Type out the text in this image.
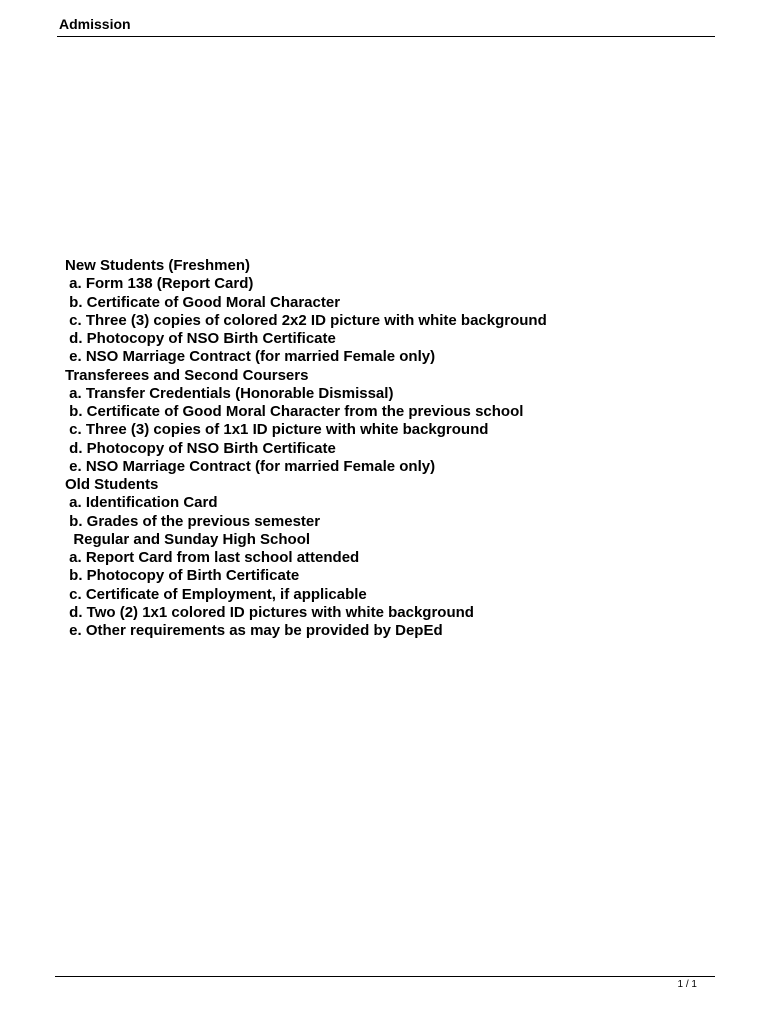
Admission
New Students (Freshmen)
a. Form 138 (Report Card)
b. Certificate of Good Moral Character
c. Three (3) copies of colored 2x2 ID picture with white background
d. Photocopy of NSO Birth Certificate
e. NSO Marriage Contract (for married Female only)
Transferees and Second Coursers
a. Transfer Credentials (Honorable Dismissal)
b. Certificate of Good Moral Character from the previous school
c. Three (3) copies of 1x1 ID picture with white background
d. Photocopy of NSO Birth Certificate
e. NSO Marriage Contract (for married Female only)
Old Students
a. Identification Card
b. Grades of the previous semester
Regular and Sunday High School
a. Report Card from last school attended
b. Photocopy of Birth Certificate
c. Certificate of Employment, if applicable
d. Two (2) 1x1 colored ID pictures with white background
e. Other requirements as may be provided by DepEd
1 / 1
